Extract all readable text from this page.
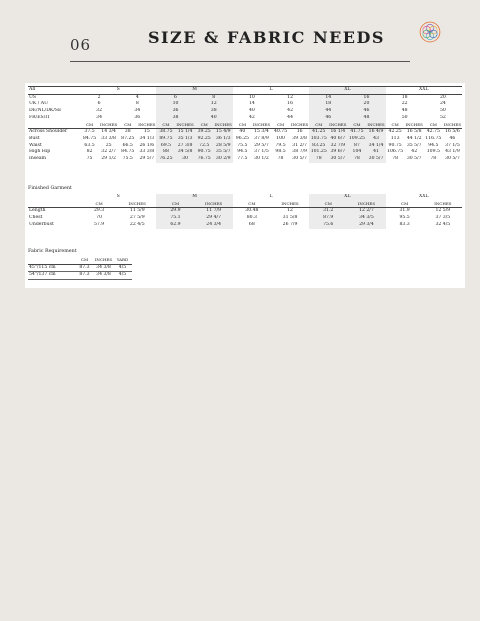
06	SIZE & FABRIC NEEDS
All	S				M				L				XL				XXL			
US	2		4		6		8		10		12		14		16		18		20	
UK / AU	6		8		10		12		14		16		18		20		22		24	
DE/NL/DK/SE	32		34		36		38		40		42		44		46		48		50	
FR/ES/IT	34		36		38		40		42		44		46		48		50		52	
	CM	INCHES	CM	INCHES	CM	INCHES	CM	INCHES	CM	INCHES	CM	INCHES	CM	INCHES	CM	INCHES	CM	INCHES	CM	INCHES
Across Shoulder	37.5	14 3/4	38	15	38.75	15 1/4	39.25	15 4/9	40	15 3/4	40.75	16	41.25	16 1/4	41.75	16 4/9	42.25	16 5/8	42.75	16 5/6
Bust	84.75	33 3/8	87.25	34 1/3	89.75	35 1/3	92.25	36 1/3	96.25	37 8/9	100	39 3/8	103.75	40 6/7	109.25	43	113	44 1/2	116.75	46
Waist	63.5	25	66.5	26 1/6	69.5	27 3/8	72.5	28 5/9	75.5	29 5/7	79.5	31 2/7	83.25	32 7/9	87	34 1/4	90.75	35 5/7	94.5	37 1/5
High Hip	82	32 2/7	84.75	33 3/8	88	34 5/8	90.75	35 5/7	94.5	37 1/5	98.5	38 7/9	101.25	39 6/7	104	41	106.75	42	109.5	43 1/9
Inseam	75	29 1/2	75.5	29 5/7	76.25	30	76.75	30 2/9	77.5	30 1/2	78	30 5/7	78	30 5/7	78	30 5/7	78	30 5/7	78	30 5/7
Finished Garment
	S		M		L		XL		XXL	
	CM	INCHES	CM	INCHES	CM	INCHES	CM	INCHES	CM	INCHES
Length	29.3	11 5/9	29.9	11 7/9	30.48	12	31.2	12 2/7	31.9	12 5/9
Chest	70	27 5/9	75.1	29 4/7	80.3	31 5/8	87.9	34 3/5	95.5	37 3/5
Underbust	57.9	22 4/5	62.9	24 3/4	68	26 7/9	75.6	29 3/4	83.3	32 4/5
Fabric Requirement
	CM	INCHES	YARD
45"/115 cm	87.3	34 3/8	4/5
54"/137 cm	87.3	34 3/8	4/5
